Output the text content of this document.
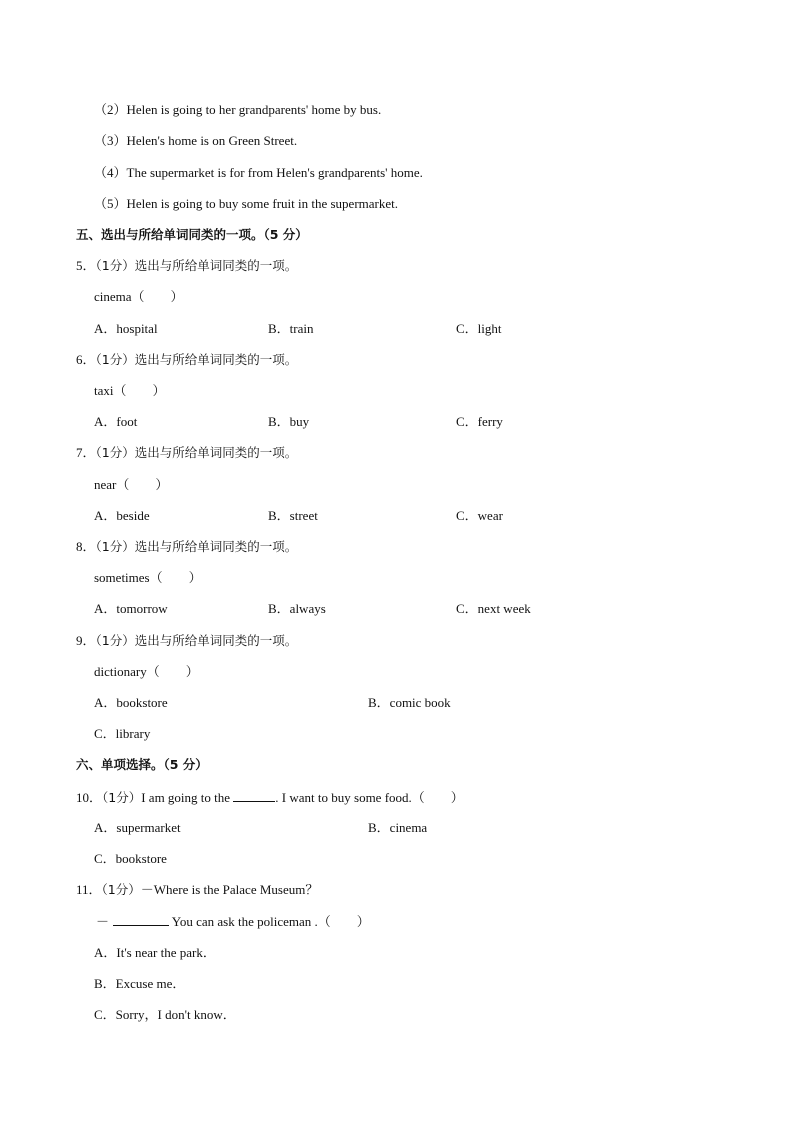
（2）Helen is going to her grandparents' home by bus.
（3）Helen's home is on Green Street.
（4）The supermarket is for from Helen's grandparents' home.
（5）Helen is going to buy some fruit in the supermarket.
五、选出与所给单词同类的一项。（5 分）
5．（1分）选出与所给单词同类的一项。
cinema（　　）
A．hospital	B．train	C．light
6．（1分）选出与所给单词同类的一项。
taxi（　　）
A．foot	B．buy	C．ferry
7．（1分）选出与所给单词同类的一项。
near（　　）
A．beside	B．street	C．wear
8．（1分）选出与所给单词同类的一项。
sometimes（　　）
A．tomorrow	B．always	C．next week
9．（1分）选出与所给单词同类的一项。
dictionary（　　）
A．bookstore	B．comic book
C．library
六、单项选择。（5 分）
10．（1分）I am going to the	. I want to buy some food.（　　）
A．supermarket	B．cinema
C．bookstore
11．（1分）－Where is the Palace Museum？
－	You can ask the policeman .（　　）
A．It's near the park．
B．Excuse me．
C．Sorry，I don't know．
